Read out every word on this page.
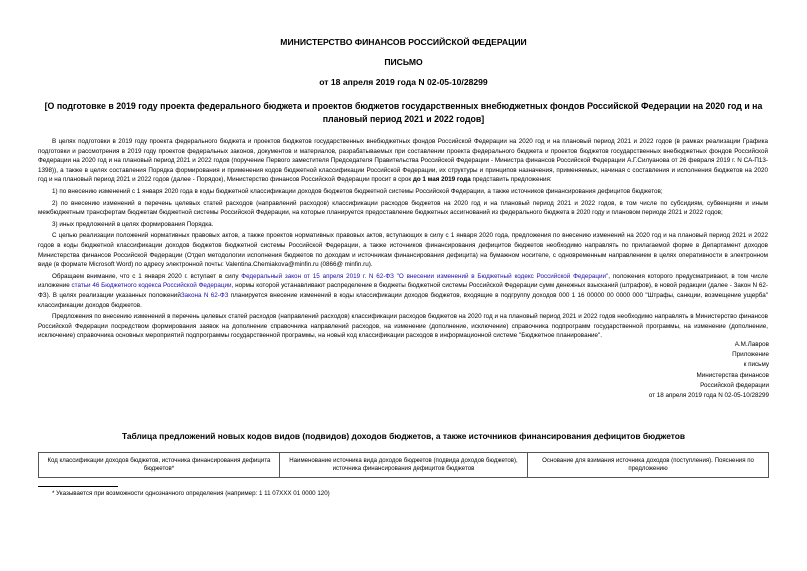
МИНИСТЕРСТВО ФИНАНСОВ РОССИЙСКОЙ ФЕДЕРАЦИИ
ПИСЬМО
от 18 апреля 2019 года N 02-05-10/28299
[О подготовке в 2019 году проекта федерального бюджета и проектов бюджетов государственных внебюджетных фондов Российской Федерации на 2020 год и на плановый период 2021 и 2022 годов]

В целях подготовки в 2019 году проекта федерального бюджета и проектов бюджетов государственных внебюджетных фондов Российской Федерации на 2020 год и на плановый период 2021 и 2022 годов (в рамках реализации Графика подготовки и рассмотрения в 2019 году проектов федеральных законов, документов и материалов, разрабатываемых при составлении проекта федерального бюджета и проектов бюджетов государственных внебюджетных фондов Российской Федерации на 2020 год и на плановый период 2021 и 2022 годов (поручение Первого заместителя Председателя Правительства Российской Федерации - Министра финансов Российской Федерации А.Г.Силуанова от 26 февраля 2019 г. N СА-П13-1398)), а также в целях составления Порядка формирования и применения кодов бюджетной классификации Российской Федерации, их структуры и принципов назначения, применяемых, начиная с составления и исполнения бюджетов на 2020 год и на плановый период 2021 и 2022 годов (далее - Порядок), Министерство финансов Российской Федерации просит в срок до 1 мая 2019 года представить предложения:

1) по внесению изменений с 1 января 2020 года в коды бюджетной классификации доходов бюджетов бюджетной системы Российской Федерации, а также источников финансирования дефицитов бюджетов;

2) по внесению изменений в перечень целевых статей расходов (направлений расходов) классификации расходов бюджетов на 2020 год и на плановый период 2021 и 2022 годов, в том числе по субсидиям, субвенциям и иным межбюджетным трансфертам бюджетам бюджетной системы Российской Федерации, на которые планируется предоставление бюджетных ассигнований из федерального бюджета в 2020 году и плановом периоде 2021 и 2022 годов;

3) иных предложений в целях формирования Порядка.

С целью реализации положений нормативных правовых актов, а также проектов нормативных правовых актов, вступающих в силу с 1 января 2020 года, предложения по внесению изменений на 2020 год и на плановый период 2021 и 2022 годов в коды бюджетной классификации доходов бюджетов бюджетной системы Российской Федерации, а также источников финансирования дефицитов бюджетов необходимо направлять по прилагаемой форме в Департамент доходов Министерства финансов Российской Федерации (Отдел методологии исполнения бюджетов по доходам и источникам финансирования дефицита) на бумажном носителе, с одновременным направлением в целях оперативности в электронном виде (в формате Microsoft Word) по адресу электронной почты: Valentina.Chemiakova@minfin.ru (0866@ minfin.ru).

Обращаем внимание, что с 1 января 2020 г. вступает в силу Федеральный закон от 15 апреля 2019 г. N 62-ФЗ "О внесении изменений в Бюджетный кодекс Российской Федерации", положения которого предусматривают, в том числе изложение статьи 46 Бюджетного кодекса Российской Федерации, нормы которой устанавливают распределение в бюджеты бюджетной системы Российской Федерации сумм денежных взысканий (штрафов), в новой редакции (далее - Закон N 62-ФЗ). В целях реализации указанных положенийЗакона N 62-ФЗ планируется внесение изменений в коды классификации доходов бюджетов, входящие в подгруппу доходов 000 1 16 00000 00 0000 000 "Штрафы, санкции, возмещение ущерба" классификации доходов бюджетов.

Предложения по внесению изменений в перечень целевых статей расходов (направлений расходов) классификации расходов бюджетов на 2020 год и на плановый период 2021 и 2022 годов необходимо направлять в Министерство финансов Российской Федерации посредством формирования заявок на дополнение справочника направлений расходов, на изменение (дополнение, исключение) справочника подпрограмм государственной программы, на изменение (дополнение, исключение) справочника основных мероприятий подпрограммы государственной программы, на новый код классификации расходов в информационной системе "Бюджетное планирование".

А.М.Лавров
Приложение
к письму
Министерства финансов
Российской федерации
от 18 апреля 2019 года N 02-05-10/28299
Таблица предложений новых кодов видов (подвидов) доходов бюджетов, а также источников финансирования дефицитов бюджетов
Код классификации доходов бюджетов, источника финансирования дефицита бюджетов*	Наименование источника вида доходов бюджетов (подвида доходов бюджетов), источника финансирования дефицитов бюджетов	Основание для взимания источника доходов (поступления). Пояснения по предложению
* Указывается при возможности однозначного определения (например: 1 11 07ХХХ 01 0000 120)
